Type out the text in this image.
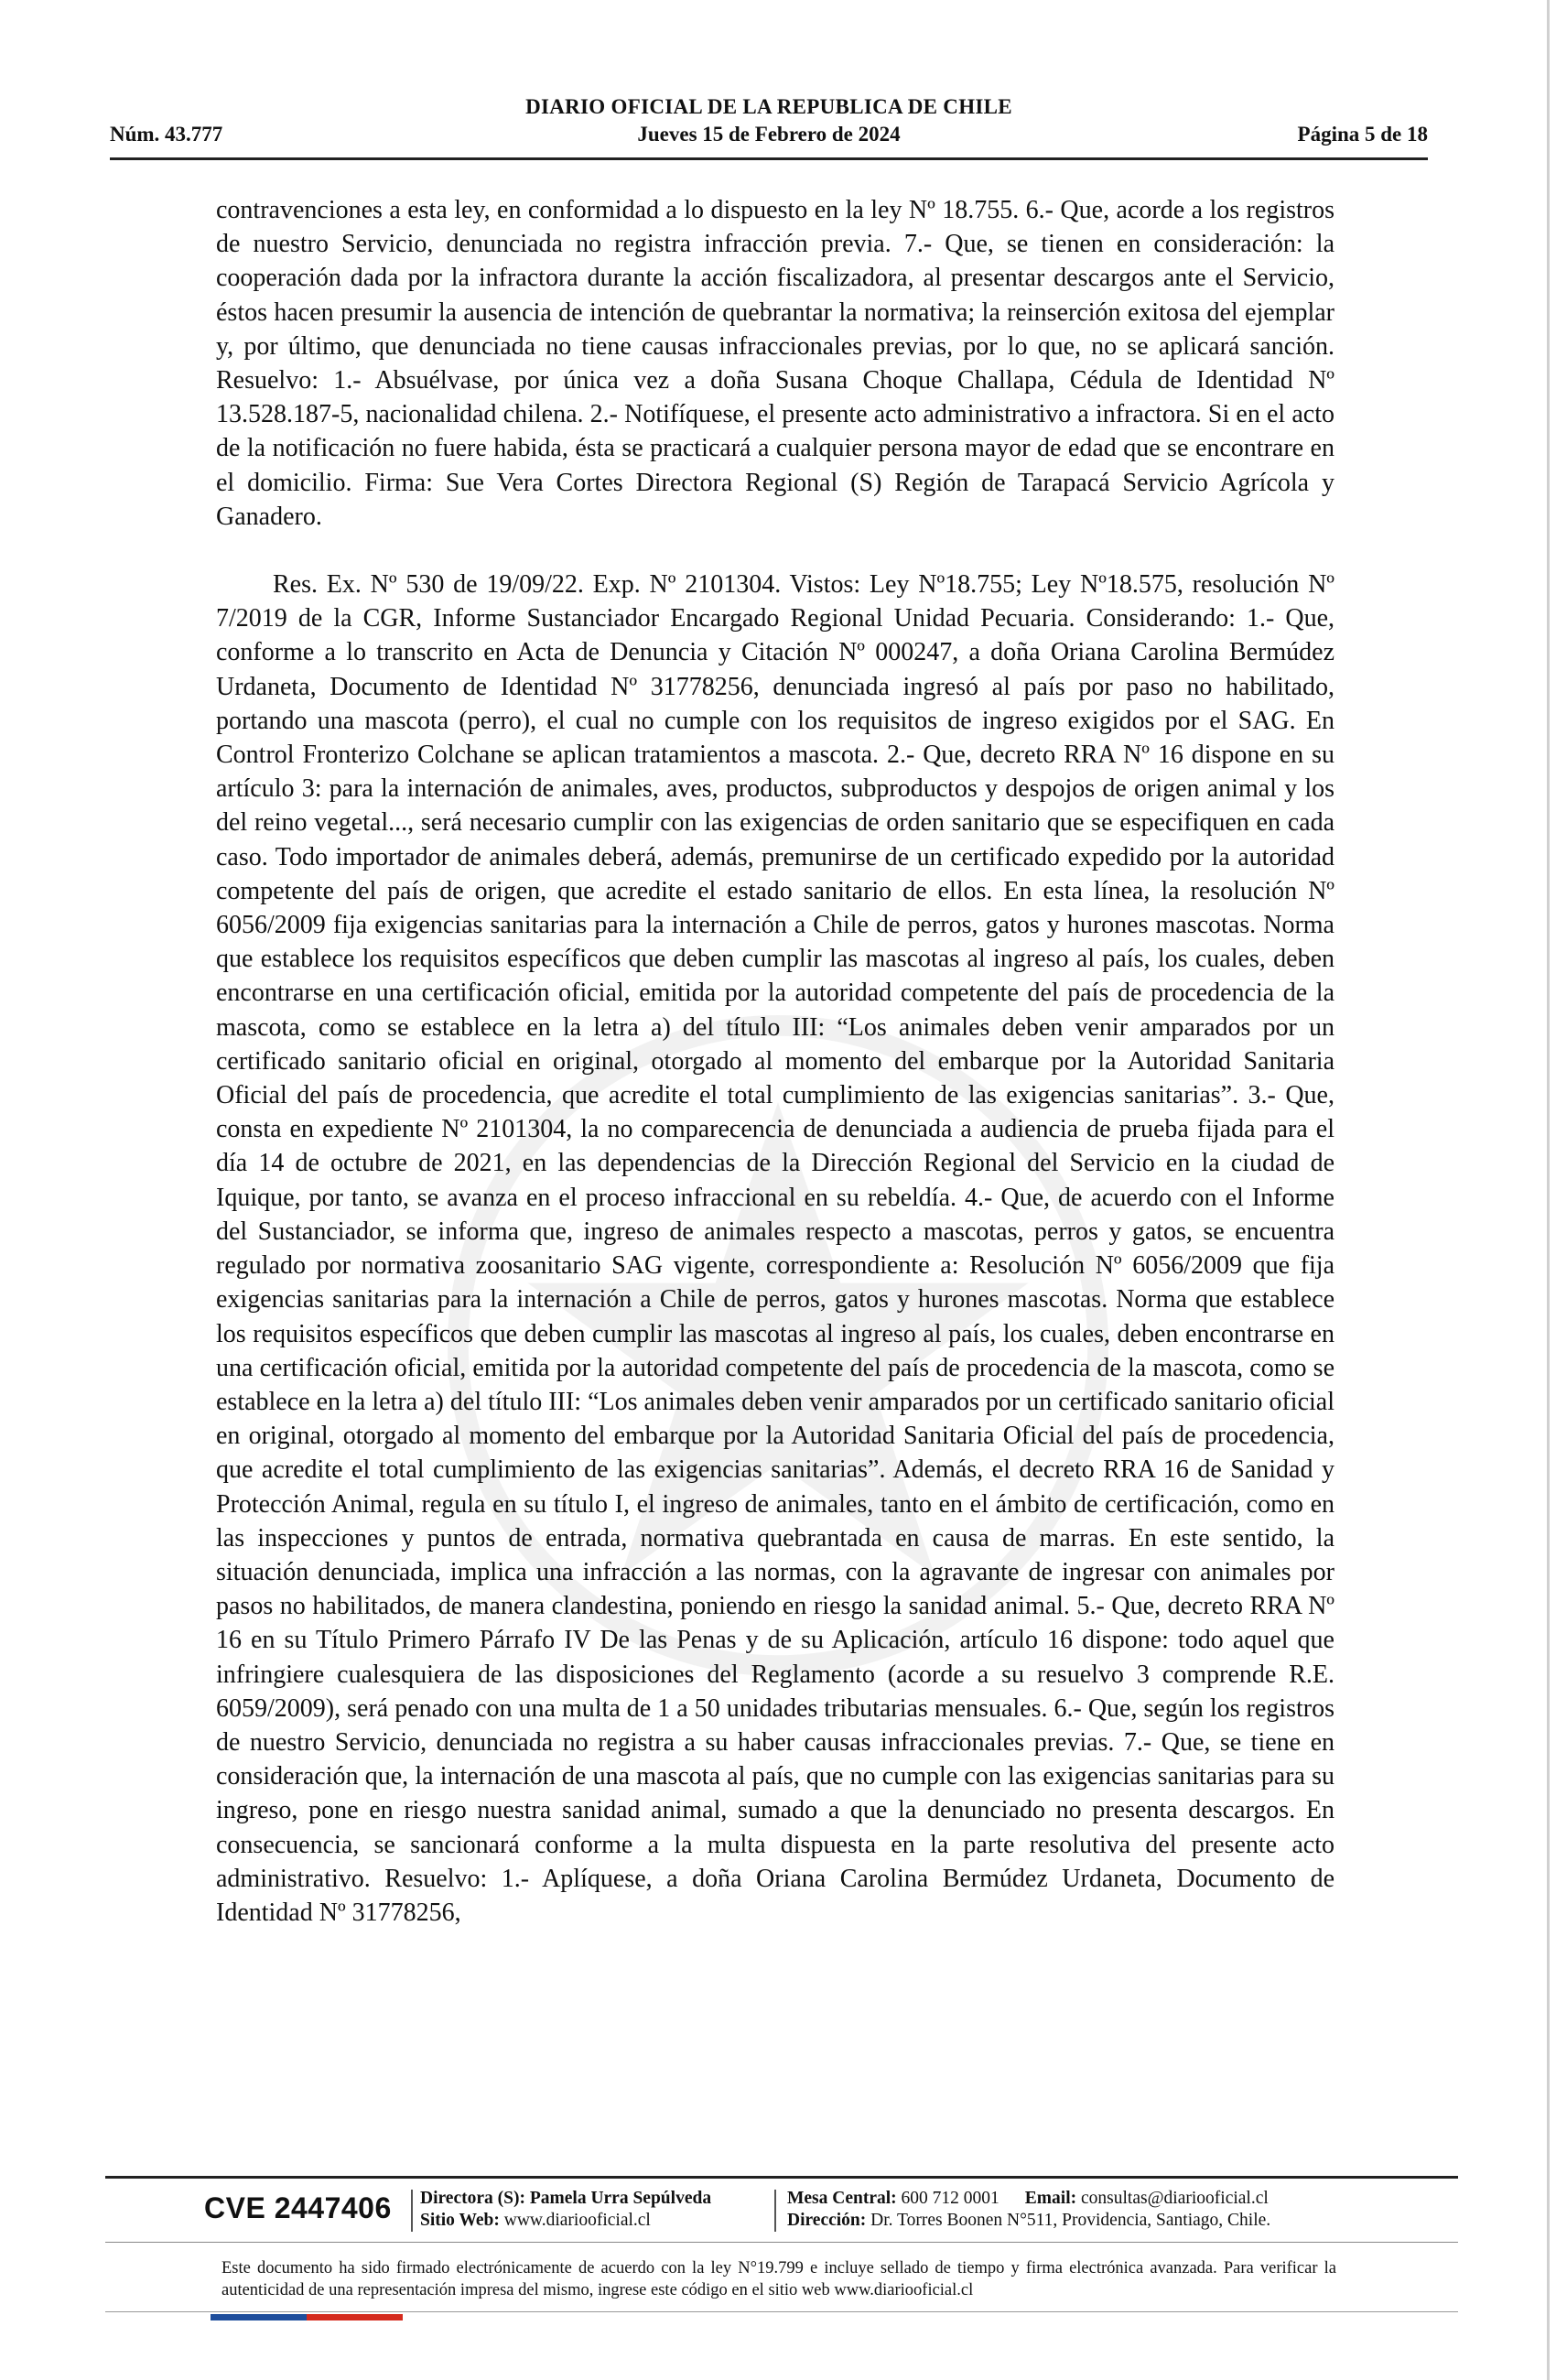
DIARIO OFICIAL DE LA REPUBLICA DE CHILE
Núm. 43.777	Jueves 15 de Febrero de 2024	Página 5 de 18

contravenciones a esta ley, en conformidad a lo dispuesto en la ley Nº 18.755. 6.- Que, acorde a los registros de nuestro Servicio, denunciada no registra infracción previa. 7.- Que, se tienen en consideración: la cooperación dada por la infractora durante la acción fiscalizadora, al presentar descargos ante el Servicio, éstos hacen presumir la ausencia de intención de quebrantar la normativa; la reinserción exitosa del ejemplar y, por último, que denunciada no tiene causas infraccionales previas, por lo que, no se aplicará sanción. Resuelvo: 1.- Absuélvase, por única vez a doña Susana Choque Challapa, Cédula de Identidad Nº 13.528.187-5, nacionalidad chilena. 2.- Notifíquese, el presente acto administrativo a infractora. Si en el acto de la notificación no fuere habida, ésta se practicará a cualquier persona mayor de edad que se encontrare en el domicilio. Firma: Sue Vera Cortes Directora Regional (S) Región de Tarapacá Servicio Agrícola y Ganadero.

Res. Ex. Nº 530 de 19/09/22. Exp. Nº 2101304. Vistos: Ley Nº18.755; Ley Nº18.575, resolución Nº 7/2019 de la CGR, Informe Sustanciador Encargado Regional Unidad Pecuaria. Considerando: 1.- Que, conforme a lo transcrito en Acta de Denuncia y Citación Nº 000247, a doña Oriana Carolina Bermúdez Urdaneta, Documento de Identidad Nº 31778256, denunciada ingresó al país por paso no habilitado, portando una mascota (perro), el cual no cumple con los requisitos de ingreso exigidos por el SAG. En Control Fronterizo Colchane se aplican tratamientos a mascota. 2.- Que, decreto RRA Nº 16 dispone en su artículo 3: para la internación de animales, aves, productos, subproductos y despojos de origen animal y los del reino vegetal..., será necesario cumplir con las exigencias de orden sanitario que se especifiquen en cada caso. Todo importador de animales deberá, además, premunirse de un certificado expedido por la autoridad competente del país de origen, que acredite el estado sanitario de ellos. En esta línea, la resolución Nº 6056/2009 fija exigencias sanitarias para la internación a Chile de perros, gatos y hurones mascotas. Norma que establece los requisitos específicos que deben cumplir las mascotas al ingreso al país, los cuales, deben encontrarse en una certificación oficial, emitida por la autoridad competente del país de procedencia de la mascota, como se establece en la letra a) del título III: “Los animales deben venir amparados por un certificado sanitario oficial en original, otorgado al momento del embarque por la Autoridad Sanitaria Oficial del país de procedencia, que acredite el total cumplimiento de las exigencias sanitarias”. 3.- Que, consta en expediente Nº 2101304, la no comparecencia de denunciada a audiencia de prueba fijada para el día 14 de octubre de 2021, en las dependencias de la Dirección Regional del Servicio en la ciudad de Iquique, por tanto, se avanza en el proceso infraccional en su rebeldía. 4.- Que, de acuerdo con el Informe del Sustanciador, se informa que, ingreso de animales respecto a mascotas, perros y gatos, se encuentra regulado por normativa zoosanitario SAG vigente, correspondiente a: Resolución Nº 6056/2009 que fija exigencias sanitarias para la internación a Chile de perros, gatos y hurones mascotas. Norma que establece los requisitos específicos que deben cumplir las mascotas al ingreso al país, los cuales, deben encontrarse en una certificación oficial, emitida por la autoridad competente del país de procedencia de la mascota, como se establece en la letra a) del título III: “Los animales deben venir amparados por un certificado sanitario oficial en original, otorgado al momento del embarque por la Autoridad Sanitaria Oficial del país de procedencia, que acredite el total cumplimiento de las exigencias sanitarias”. Además, el decreto RRA 16 de Sanidad y Protección Animal, regula en su título I, el ingreso de animales, tanto en el ámbito de certificación, como en las inspecciones y puntos de entrada, normativa quebrantada en causa de marras. En este sentido, la situación denunciada, implica una infracción a las normas, con la agravante de ingresar con animales por pasos no habilitados, de manera clandestina, poniendo en riesgo la sanidad animal. 5.- Que, decreto RRA Nº 16 en su Título Primero Párrafo IV De las Penas y de su Aplicación, artículo 16 dispone: todo aquel que infringiere cualesquiera de las disposiciones del Reglamento (acorde a su resuelvo 3 comprende R.E. 6059/2009), será penado con una multa de 1 a 50 unidades tributarias mensuales. 6.- Que, según los registros de nuestro Servicio, denunciada no registra a su haber causas infraccionales previas. 7.- Que, se tiene en consideración que, la internación de una mascota al país, que no cumple con las exigencias sanitarias para su ingreso, pone en riesgo nuestra sanidad animal, sumado a que la denunciado no presenta descargos. En consecuencia, se sancionará conforme a la multa dispuesta en la parte resolutiva del presente acto administrativo. Resuelvo: 1.- Aplíquese, a doña Oriana Carolina Bermúdez Urdaneta, Documento de Identidad Nº 31778256,

CVE 2447406 Directora (S): Pamela Urra Sepúlveda
Sitio Web: www.diariooficial.cl
Mesa Central: 600 712 0001 Email: consultas@diariooficial.cl
Dirección: Dr. Torres Boonen N°511, Providencia, Santiago, Chile.
Este documento ha sido firmado electrónicamente de acuerdo con la ley N°19.799 e incluye sellado de tiempo y firma electrónica avanzada. Para verificar la autenticidad de una representación impresa del mismo, ingrese este código en el sitio web www.diariooficial.cl
